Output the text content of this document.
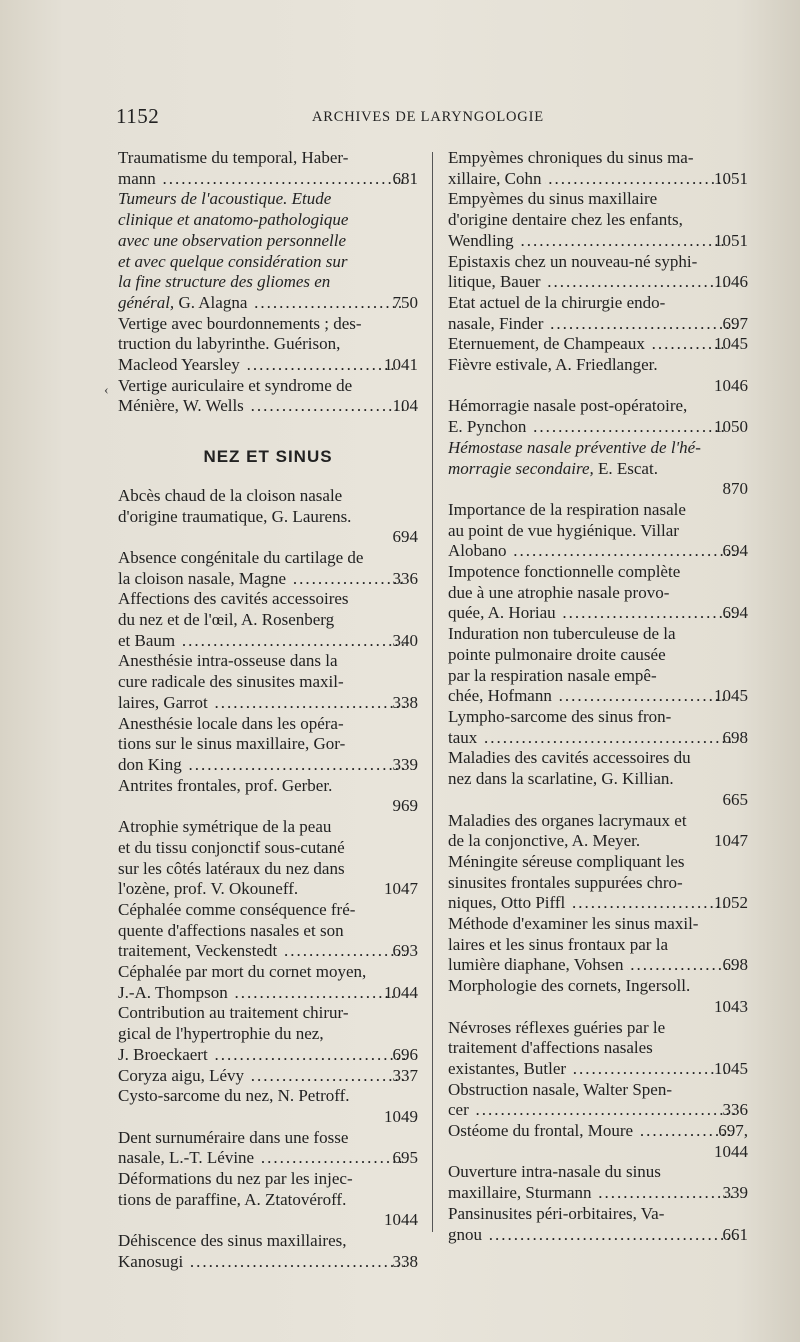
1152	ARCHIVES DE LARYNGOLOGIE
‹
Traumatisme du temporal, Haber-
mann .....	681
Tumeurs de l'acoustique. Etude
clinique et anatomo-pathologique
avec une observation personnelle
et avec quelque considération sur
la fine structure des gliomes en
général, G. Alagna .....	750
Vertige avec bourdonnements ; des-
truction du labyrinthe. Guérison,
Macleod Yearsley .....	1041
Vertige auriculaire et syndrome de
Ménière, W. Wells .....	104
NEZ ET SINUS
Abcès chaud de la cloison nasale
d'origine traumatique, G. Laurens.
694
Absence congénitale du cartilage de
la cloison nasale, Magne .....	336
Affections des cavités accessoires
du nez et de l'œil, A. Rosenberg
et Baum .....	340
Anesthésie intra-osseuse dans la
cure radicale des sinusites maxil-
laires, Garrot .....	338
Anesthésie locale dans les opéra-
tions sur le sinus maxillaire, Gor-
don King .....	339
Antrites frontales, prof. Gerber.
969
Atrophie symétrique de la peau
et du tissu conjonctif sous-cutané
sur les côtés latéraux du nez dans
l'ozène, prof. V. Okouneff.	1047
Céphalée comme conséquence fré-
quente d'affections nasales et son
traitement, Veckenstedt .....	693
Céphalée par mort du cornet moyen,
J.-A. Thompson .....	1044
Contribution au traitement chirur-
gical de l'hypertrophie du nez,
J. Broeckaert .....	696
Coryza aigu, Lévy .....	337
Cysto-sarcome du nez, N. Petroff.
1049
Dent surnuméraire dans une fosse
nasale, L.-T. Lévine .....	695
Déformations du nez par les injec-
tions de paraffine, A. Ztatovéroff.
1044
Déhiscence des sinus maxillaires,
Kanosugi .....	338
Empyèmes chroniques du sinus ma-
xillaire, Cohn .....	1051
Empyèmes du sinus maxillaire
d'origine dentaire chez les enfants,
Wendling .....	1051
Epistaxis chez un nouveau-né syphi-
litique, Bauer .....	1046
Etat actuel de la chirurgie endo-
nasale, Finder .....	697
Eternuement, de Champeaux .....	1045
Fièvre estivale, A. Friedlanger.
1046
Hémorragie nasale post-opératoire,
E. Pynchon .....	1050
Hémostase nasale préventive de l'hé-
morragie secondaire, E. Escat.
870
Importance de la respiration nasale
au point de vue hygiénique. Villar
Alobano .....	694
Impotence fonctionnelle complète
due à une atrophie nasale provo-
quée, A. Horiau .....	694
Induration non tuberculeuse de la
pointe pulmonaire droite causée
par la respiration nasale empê-
chée, Hofmann .....	1045
Lympho-sarcome des sinus fron-
taux .....	698
Maladies des cavités accessoires du
nez dans la scarlatine, G. Killian.
665
Maladies des organes lacrymaux et
de la conjonctive, A. Meyer.	1047
Méningite séreuse compliquant les
sinusites frontales suppurées chro-
niques, Otto Piffl .....	1052
Méthode d'examiner les sinus maxil-
laires et les sinus frontaux par la
lumière diaphane, Vohsen .....	698
Morphologie des cornets, Ingersoll.
1043
Névroses réflexes guéries par le
traitement d'affections nasales
existantes, Butler .....	1045
Obstruction nasale, Walter Spen-
cer .....	336
Ostéome du frontal, Moure .....	697,
1044
Ouverture intra-nasale du sinus
maxillaire, Sturmann .....	339
Pansinusites péri-orbitaires, Va-
gnou .....	661
